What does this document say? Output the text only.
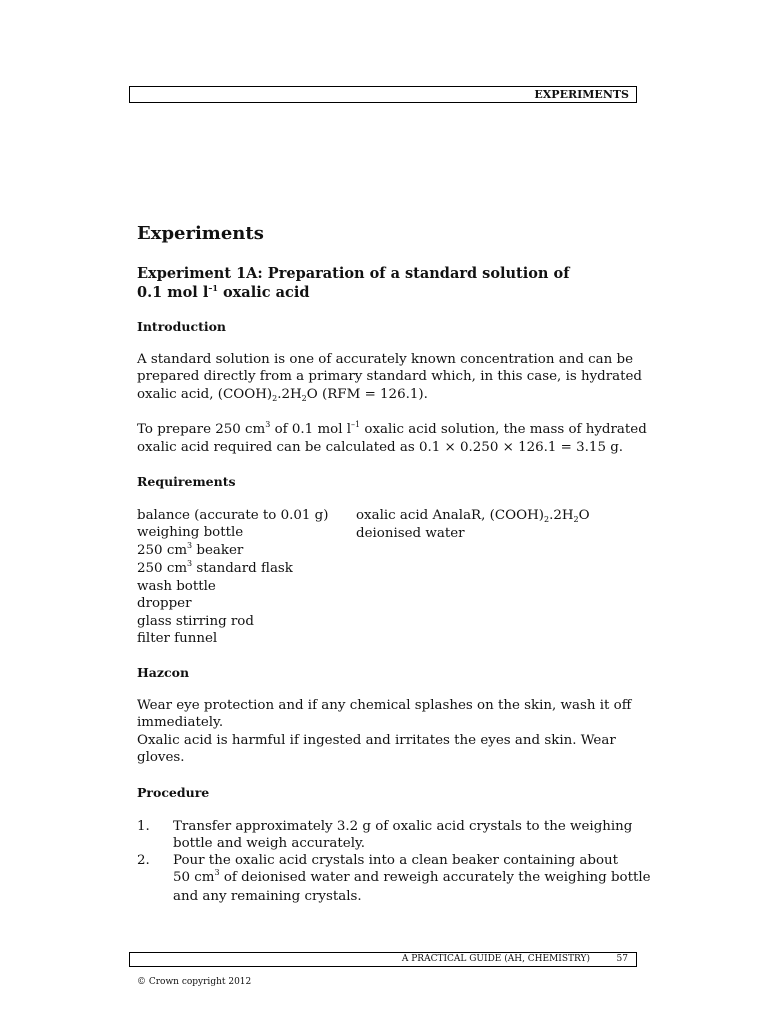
EXPERIMENTS
Experiments
Experiment 1A: Preparation of a standard solution of
0.1 mol $l^{-1}$ oxalic acid
Introduction
A standard solution is one of accurately known concentration and can be
prepared directly from a primary standard which, in this case, is hydrated
oxalic acid, $(COOH)_2.2H_2O$ (RFM = 126.1).
To prepare 250 $cm^3$ of 0.1 mol $l^{-1}$ oxalic acid solution, the mass of hydrated
oxalic acid required can be calculated as 0.1 × 0.250 × 126.1 = 3.15 g.
Requirements
balance (accurate to 0.01 g)
weighing bottle
250 $cm^3$ beaker
250 $cm^3$ standard flask
wash bottle
dropper
glass stirring rod
filter funnel
oxalic acid AnalaR, $(COOH)_2.2H_2O$
deionised water
Hazcon
Wear eye protection and if any chemical splashes on the skin, wash it off
immediately.
Oxalic acid is harmful if ingested and irritates the eyes and skin. Wear
gloves.
Procedure
1. Transfer approximately 3.2 g of oxalic acid crystals to the weighing
bottle and weigh accurately.
2. Pour the oxalic acid crystals into a clean beaker containing about
50 $cm^3$ of deionised water and reweigh accurately the weighing bottle
and any remaining crystals.
A PRACTICAL GUIDE (AH, CHEMISTRY)	57
© Crown copyright 2012
